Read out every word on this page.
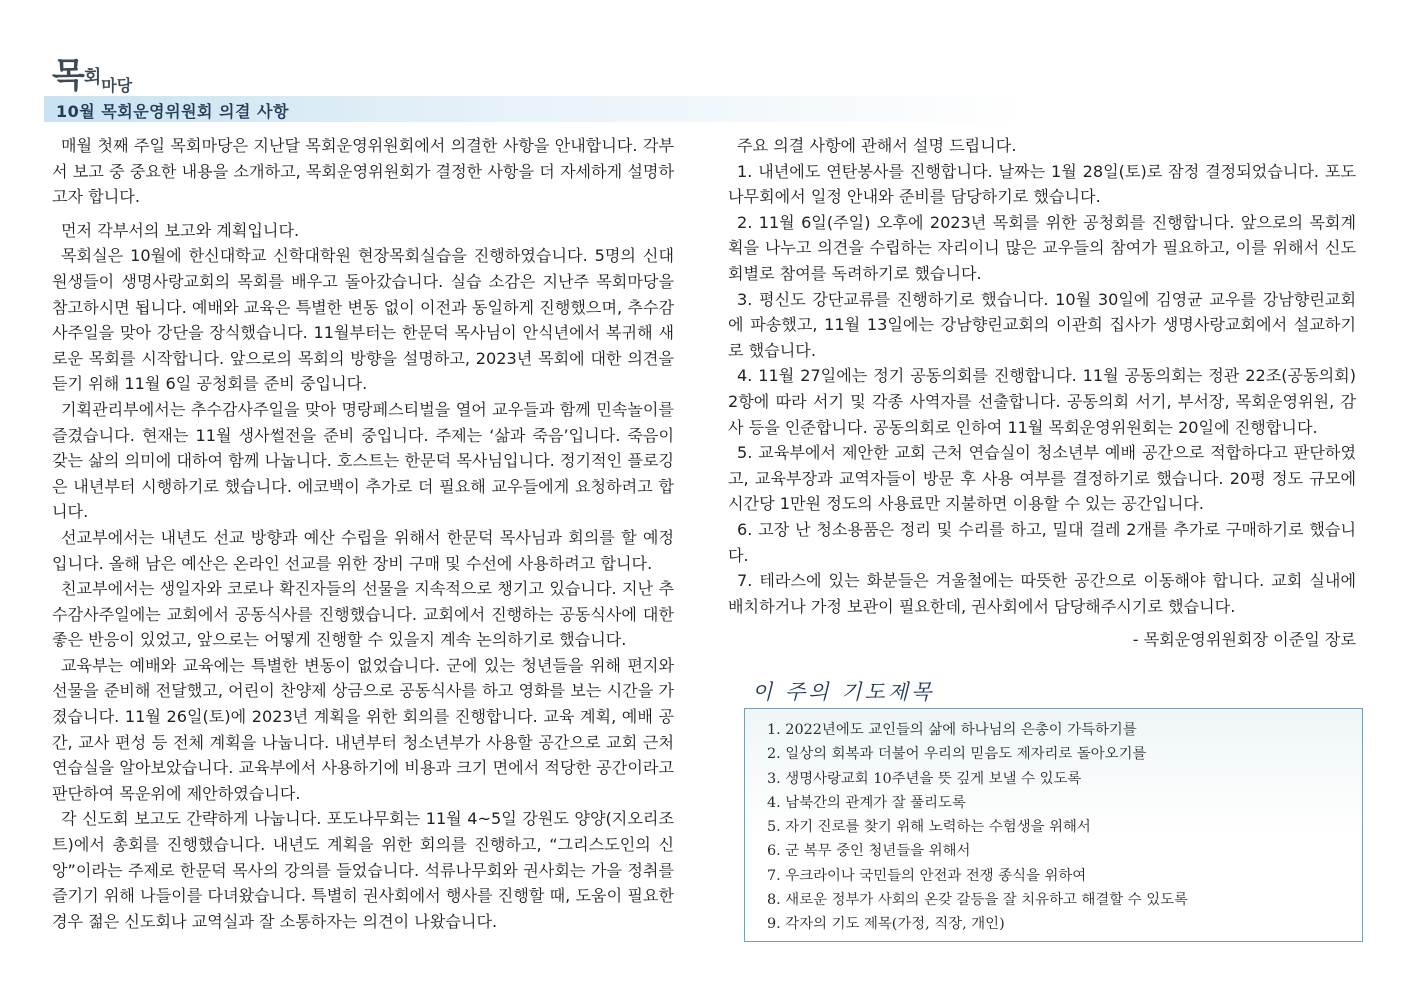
목회마당
10월 목회운영위원회 의결 사항

매월 첫째 주일 목회마당은 지난달 목회운영위원회에서 의결한 사항을 안내합니다. 각부서 보고 중 중요한 내용을 소개하고, 목회운영위원회가 결정한 사항을 더 자세하게 설명하고자 합니다.

먼저 각부서의 보고와 계획입니다.

목회실은 10월에 한신대학교 신학대학원 현장목회실습을 진행하였습니다. 5명의 신대원생들이 생명사랑교회의 목회를 배우고 돌아갔습니다. 실습 소감은 지난주 목회마당을 참고하시면 됩니다. 예배와 교육은 특별한 변동 없이 이전과 동일하게 진행했으며, 추수감사주일을 맞아 강단을 장식했습니다. 11월부터는 한문덕 목사님이 안식년에서 복귀해 새로운 목회를 시작합니다. 앞으로의 목회의 방향을 설명하고, 2023년 목회에 대한 의견을 듣기 위해 11월 6일 공청회를 준비 중입니다.

기획관리부에서는 추수감사주일을 맞아 명랑페스티벌을 열어 교우들과 함께 민속놀이를 즐겼습니다. 현재는 11월 생사썰전을 준비 중입니다. 주제는 ‘삶과 죽음’입니다. 죽음이 갖는 삶의 의미에 대하여 함께 나눕니다. 호스트는 한문덕 목사님입니다. 정기적인 플로깅은 내년부터 시행하기로 했습니다. 에코백이 추가로 더 필요해 교우들에게 요청하려고 합니다.

선교부에서는 내년도 선교 방향과 예산 수립을 위해서 한문덕 목사님과 회의를 할 예정입니다. 올해 남은 예산은 온라인 선교를 위한 장비 구매 및 수선에 사용하려고 합니다.

친교부에서는 생일자와 코로나 확진자들의 선물을 지속적으로 챙기고 있습니다. 지난 추수감사주일에는 교회에서 공동식사를 진행했습니다. 교회에서 진행하는 공동식사에 대한 좋은 반응이 있었고, 앞으로는 어떻게 진행할 수 있을지 계속 논의하기로 했습니다.

교육부는 예배와 교육에는 특별한 변동이 없었습니다. 군에 있는 청년들을 위해 편지와 선물을 준비해 전달했고, 어린이 찬양제 상금으로 공동식사를 하고 영화를 보는 시간을 가졌습니다. 11월 26일(토)에 2023년 계획을 위한 회의를 진행합니다. 교육 계획, 예배 공간, 교사 편성 등 전체 계획을 나눕니다. 내년부터 청소년부가 사용할 공간으로 교회 근처 연습실을 알아보았습니다. 교육부에서 사용하기에 비용과 크기 면에서 적당한 공간이라고 판단하여 목운위에 제안하였습니다.

각 신도회 보고도 간략하게 나눕니다. 포도나무회는 11월 4~5일 강원도 양양(지오리조트)에서 총회를 진행했습니다. 내년도 계획을 위한 회의를 진행하고, “그리스도인의 신앙”이라는 주제로 한문덕 목사의 강의를 들었습니다. 석류나무회와 권사회는 가을 정취를 즐기기 위해 나들이를 다녀왔습니다. 특별히 권사회에서 행사를 진행할 때, 도움이 필요한 경우 젊은 신도회나 교역실과 잘 소통하자는 의견이 나왔습니다.

주요 의결 사항에 관해서 설명 드립니다.

1. 내년에도 연탄봉사를 진행합니다. 날짜는 1월 28일(토)로 잠정 결정되었습니다. 포도나무회에서 일정 안내와 준비를 담당하기로 했습니다.

2. 11월 6일(주일) 오후에 2023년 목회를 위한 공청회를 진행합니다. 앞으로의 목회계획을 나누고 의견을 수립하는 자리이니 많은 교우들의 참여가 필요하고, 이를 위해서 신도회별로 참여를 독려하기로 했습니다.

3. 평신도 강단교류를 진행하기로 했습니다. 10월 30일에 김영균 교우를 강남향린교회에 파송했고, 11월 13일에는 강남향린교회의 이관희 집사가 생명사랑교회에서 설교하기로 했습니다.

4. 11월 27일에는 정기 공동의회를 진행합니다. 11월 공동의회는 정관 22조(공동의회) 2항에 따라 서기 및 각종 사역자를 선출합니다. 공동의회 서기, 부서장, 목회운영위원, 감사 등을 인준합니다. 공동의회로 인하여 11월 목회운영위원회는 20일에 진행합니다.

5. 교육부에서 제안한 교회 근처 연습실이 청소년부 예배 공간으로 적합하다고 판단하였고, 교육부장과 교역자들이 방문 후 사용 여부를 결정하기로 했습니다. 20평 정도 규모에 시간당 1만원 정도의 사용료만 지불하면 이용할 수 있는 공간입니다.

6. 고장 난 청소용품은 정리 및 수리를 하고, 밀대 걸레 2개를 추가로 구매하기로 했습니다.

7. 테라스에 있는 화분들은 겨울철에는 따뜻한 공간으로 이동해야 합니다. 교회 실내에 배치하거나 가정 보관이 필요한데, 권사회에서 담당해주시기로 했습니다.

- 목회운영위원회장 이준일 장로

이 주의 기도제목
1. 2022년에도 교인들의 삶에 하나님의 은총이 가득하기를
2. 일상의 회복과 더불어 우리의 믿음도 제자리로 돌아오기를
3. 생명사랑교회 10주년을 뜻 깊게 보낼 수 있도록
4. 남북간의 관계가 잘 풀리도록
5. 자기 진로를 찾기 위해 노력하는 수험생을 위해서
6. 군 복무 중인 청년들을 위해서
7. 우크라이나 국민들의 안전과 전쟁 종식을 위하여
8. 새로운 정부가 사회의 온갖 갈등을 잘 치유하고 해결할 수 있도록
9. 각자의 기도 제목(가정, 직장, 개인)
